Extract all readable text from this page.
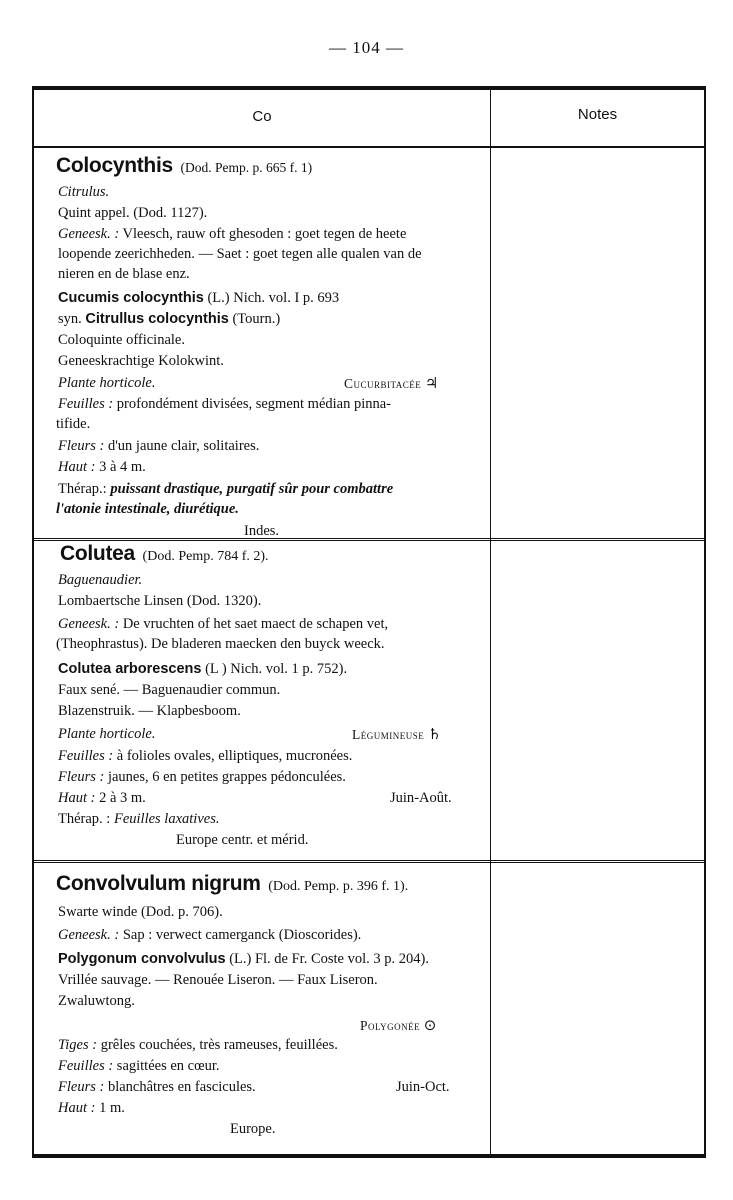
— 104 —
Co	Notes
Colocynthis (Dod. Pemp. p. 665 f. 1)
Citrulus.
Quint appel. (Dod. 1127).
Geneesk. : Vleesch, rauw oft ghesoden : goet tegen de heete
loopende zeerichheden. — Saet : goet tegen alle qualen van de
nieren en de blase enz.
Cucumis colocynthis (L.) Nich. vol. I p. 693
syn. Citrullus colocynthis (Tourn.)
Coloquinte officinale.
Geneeskrachtige Kolokwint.
Plante horticole.	Cucurbitacée ♃
Feuilles : profondément divisées, segment médian pinna-
tifide.
Fleurs : d'un jaune clair, solitaires.
Haut : 3 à 4 m.
Thérap.: puissant drastique, purgatif sûr pour combattre
l'atonie intestinale, diurétique.
Indes.
Colutea (Dod. Pemp. 784 f. 2).
Baguenaudier.
Lombaertsche Linsen (Dod. 1320).
Geneesk. : De vruchten of het saet maect de schapen vet,
(Theophrastus). De bladeren maecken den buyck weeck.
Colutea arborescens (L ) Nich. vol. 1 p. 752).
Faux sené. — Baguenaudier commun.
Blazenstruik. — Klapbesboom.
Plante horticole.	Légumineuse ♄
Feuilles : à folioles ovales, elliptiques, mucronées.
Fleurs : jaunes, 6 en petites grappes pédonculées.
Haut : 2 à 3 m.	Juin-Août.
Thérap. : Feuilles laxatives.
Europe centr. et mérid.
Convolvulum nigrum (Dod. Pemp. p. 396 f. 1).
Swarte winde (Dod. p. 706).
Geneesk. : Sap : verwect camerganck (Dioscorides).
Polygonum convolvulus (L.) Fl. de Fr. Coste vol. 3 p. 204).
Vrillée sauvage. — Renouée Liseron. — Faux Liseron.
Zwaluwtong.
Polygonée ⊙
Tiges : grêles couchées, très rameuses, feuillées.
Feuilles : sagittées en cœur.
Fleurs : blanchâtres en fascicules.	Juin-Oct.
Haut : 1 m.
Europe.
